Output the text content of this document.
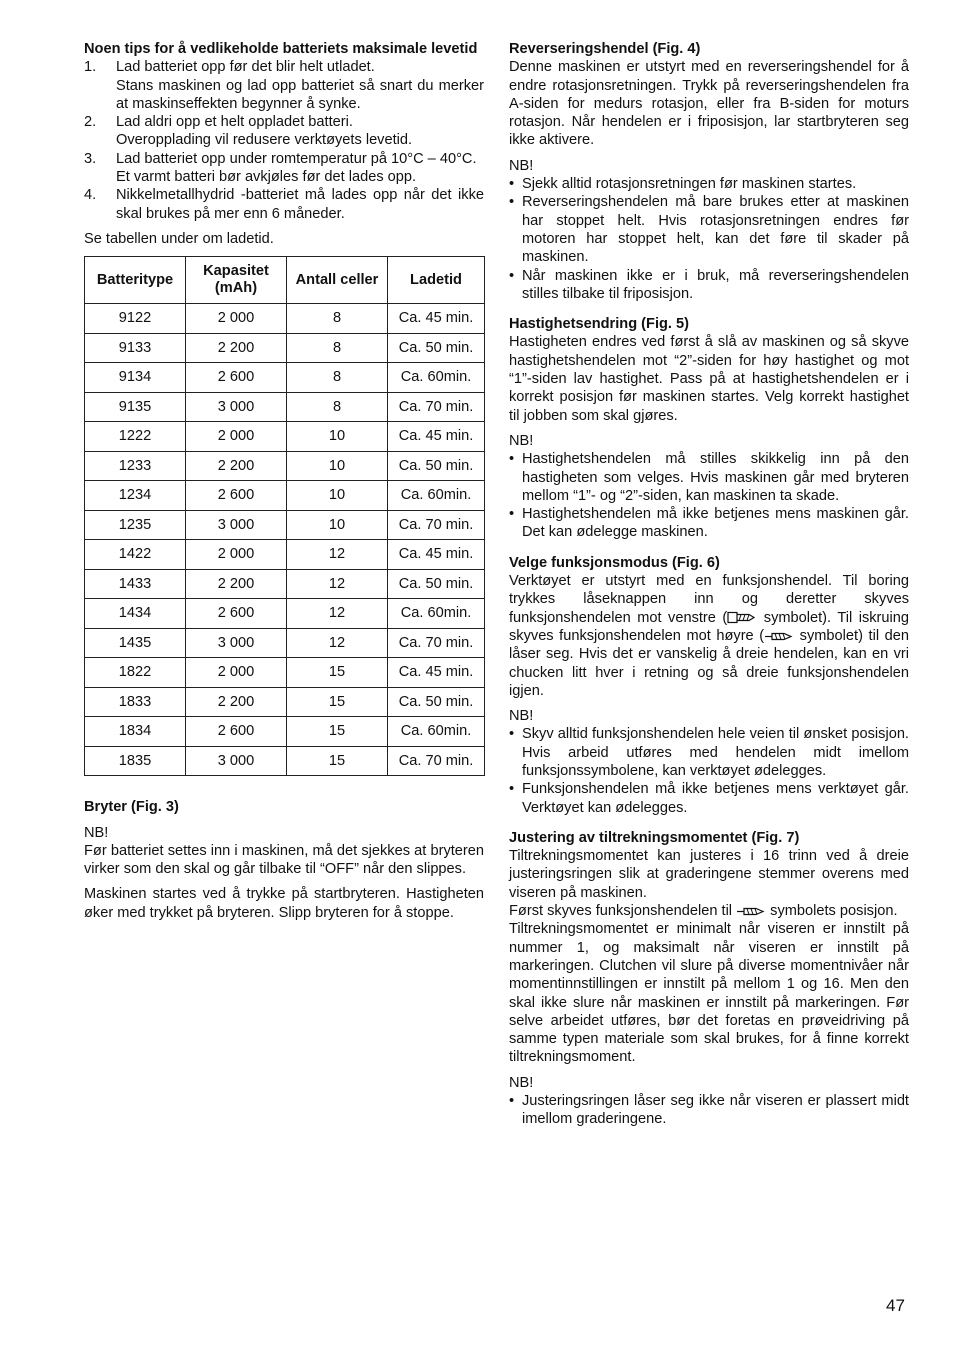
Noen tips for å vedlikeholde batteriets maksimale levetid
1.	Lad batteriet opp før det blir helt utladet.
Stans maskinen og lad opp batteriet så snart du merker at maskinseffekten begynner å synke.
2.	Lad aldri opp et helt oppladet batteri.
Overopplading vil redusere verktøyets levetid.
3.	Lad batteriet opp under romtemperatur på 10°C – 40°C.
Et varmt batteri bør avkjøles før det lades opp.
4.	Nikkelmetallhydrid -batteriet må lades opp når det ikke skal brukes på mer enn 6 måneder.

Se tabellen under om ladetid.

Batteritype	Kapasitet (mAh)	Antall celler	Ladetid
9122	2 000	8	Ca. 45 min.
9133	2 200	8	Ca. 50 min.
9134	2 600	8	Ca. 60min.
9135	3 000	8	Ca. 70 min.
1222	2 000	10	Ca. 45 min.
1233	2 200	10	Ca. 50 min.
1234	2 600	10	Ca. 60min.
1235	3 000	10	Ca. 70 min.
1422	2 000	12	Ca. 45 min.
1433	2 200	12	Ca. 50 min.
1434	2 600	12	Ca. 60min.
1435	3 000	12	Ca. 70 min.
1822	2 000	15	Ca. 45 min.
1833	2 200	15	Ca. 50 min.
1834	2 600	15	Ca. 60min.
1835	3 000	15	Ca. 70 min.
Bryter (Fig. 3)

NB!

Før batteriet settes inn i maskinen, må det sjekkes at bryteren virker som den skal og går tilbake til “OFF” når den slippes.

Maskinen startes ved å trykke på startbryteren. Hastigheten øker med trykket på bryteren. Slipp bryteren for å stoppe.

Reverseringshendel (Fig. 4)

Denne maskinen er utstyrt med en reverseringshendel for å endre rotasjonsretningen. Trykk på reverseringshendelen fra A-siden for medurs rotasjon, eller fra B-siden for moturs rotasjon. Når hendelen er i friposisjon, lar startbryteren seg ikke aktivere.

NB!

• Sjekk alltid rotasjonsretningen før maskinen startes.
• Reverseringshendelen må bare brukes etter at maskinen har stoppet helt. Hvis rotasjonsretningen endres før motoren har stoppet helt, kan det føre til skader på maskinen.
• Når maskinen ikke er i bruk, må reverseringshendelen stilles tilbake til friposisjon.
Hastighetsendring (Fig. 5)

Hastigheten endres ved først å slå av maskinen og så skyve hastighetshendelen mot “2”-siden for høy hastighet og mot “1”-siden lav hastighet. Pass på at hastighetshendelen er i korrekt posisjon før maskinen startes. Velg korrekt hastighet til jobben som skal gjøres.

NB!

• Hastighetshendelen må stilles skikkelig inn på den hastigheten som velges. Hvis maskinen går med bryteren mellom “1”- og “2”-siden, kan maskinen ta skade.
• Hastighetshendelen må ikke betjenes mens maskinen går. Det kan ødelegge maskinen.
Velge funksjonsmodus (Fig. 6)

Verktøyet er utstyrt med en funksjonshendel. Til boring trykkes låseknappen inn og deretter skyves funksjonshendelen mot venstre ( symbolet). Til iskruing skyves funksjonshendelen mot høyre ( symbolet) til den låser seg. Hvis det er vanskelig å dreie hendelen, kan en vri chucken litt hver i retning og så dreie funksjonshendelen igjen.

NB!

• Skyv alltid funksjonshendelen hele veien til ønsket posisjon. Hvis arbeid utføres med hendelen midt imellom funksjonssymbolene, kan verktøyet ødelegges.
• Funksjonshendelen må ikke betjenes mens verktøyet går. Verktøyet kan ødelegges.
Justering av tiltrekningsmomentet (Fig. 7)

Tiltrekningsmomentet kan justeres i 16 trinn ved å dreie justeringsringen slik at graderingene stemmer overens med viseren på maskinen.

Først skyves funksjonshendelen til  symbolets posisjon.

Tiltrekningsmomentet er minimalt når viseren er innstilt på nummer 1, og maksimalt når viseren er innstilt på markeringen. Clutchen vil slure på diverse momentnivåer når momentinnstillingen er innstilt på mellom 1 og 16. Men den skal ikke slure når maskinen er innstilt på markeringen. Før selve arbeidet utføres, bør det foretas en prøveidriving på samme typen materiale som skal brukes, for å finne korrekt tiltrekningsmoment.

NB!

• Justeringsringen låser seg ikke når viseren er plassert midt imellom graderingene.
47
